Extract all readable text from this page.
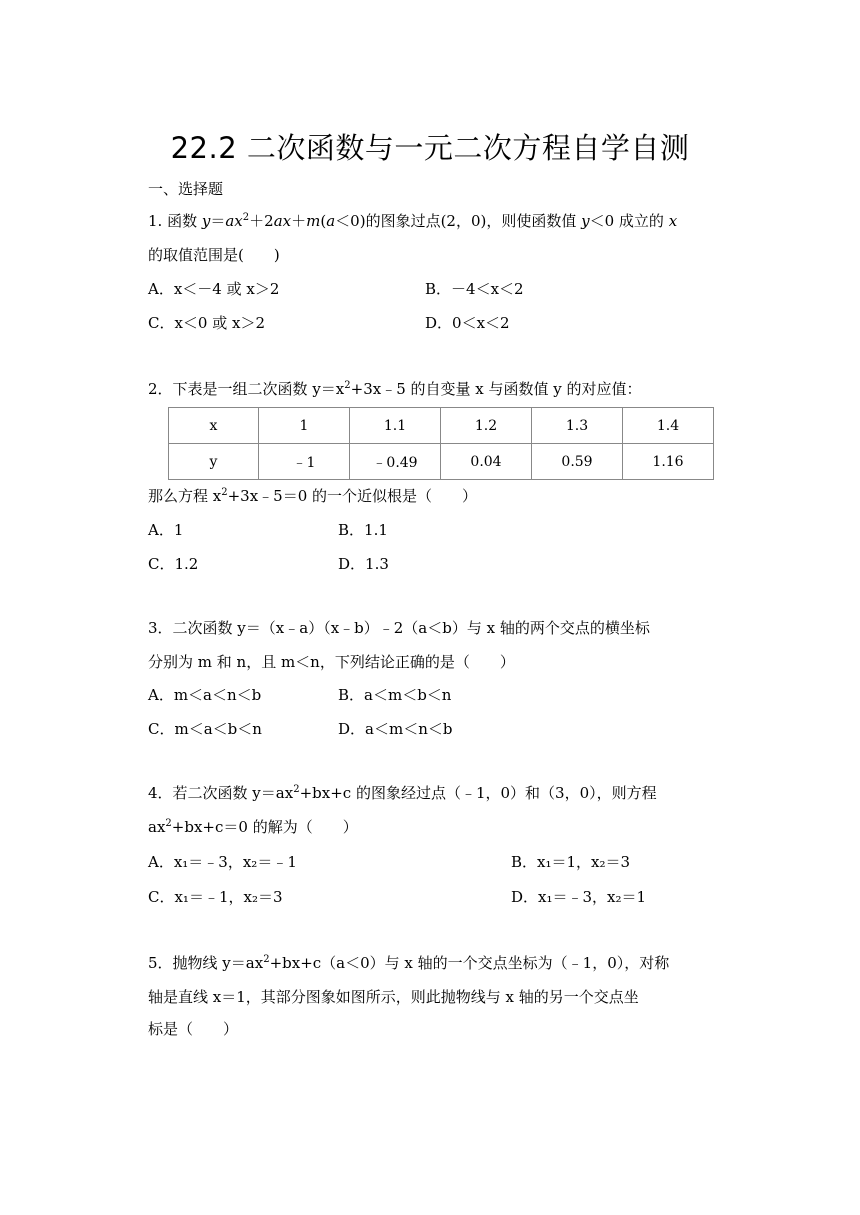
22.2 二次函数与一元二次方程自学自测
一、选择题
1. 函数 $y=ax^2+2ax+m(a<0)$的图象过点(2，0)，则使函数值 y＜0 成立的 x
的取值范围是(　　)
A．x＜－4 或 x＞2	B．－4＜x＜2
C．x＜0 或 x＞2	D．0＜x＜2
2．下表是一组二次函数 $y=x^2+3x﹣5$ 的自变量 x 与函数值 y 的对应值：
x	1	1.1	1.2	1.3	1.4
y	﹣1	﹣0.49	0.04	0.59	1.16
那么方程 $x^2+3x﹣5=0$ 的一个近似根是（　　）
A．1	B．1.1
C．1.2	D．1.3
3．二次函数 y＝（x﹣a）（x﹣b）﹣2（a＜b）与 x 轴的两个交点的横坐标
分别为 m 和 n，且 m＜n，下列结论正确的是（　　）
A．m＜a＜n＜b	B．a＜m＜b＜n
C．m＜a＜b＜n	D．a＜m＜n＜b
4．若二次函数 $y=ax^2+bx+c$ 的图象经过点（﹣1，0）和（3，0），则方程
$ax^2+bx+c=0$ 的解为（　　）
A．x₁＝﹣3，x₂＝﹣1	B．x₁＝1，x₂＝3
C．x₁＝﹣1，x₂＝3	D．x₁＝﹣3，x₂＝1
5．抛物线 $y=ax^2+bx+c(a<0)$与 x 轴的一个交点坐标为（﹣1，0），对称
轴是直线 x＝1，其部分图象如图所示，则此抛物线与 x 轴的另一个交点坐
标是（　　）
